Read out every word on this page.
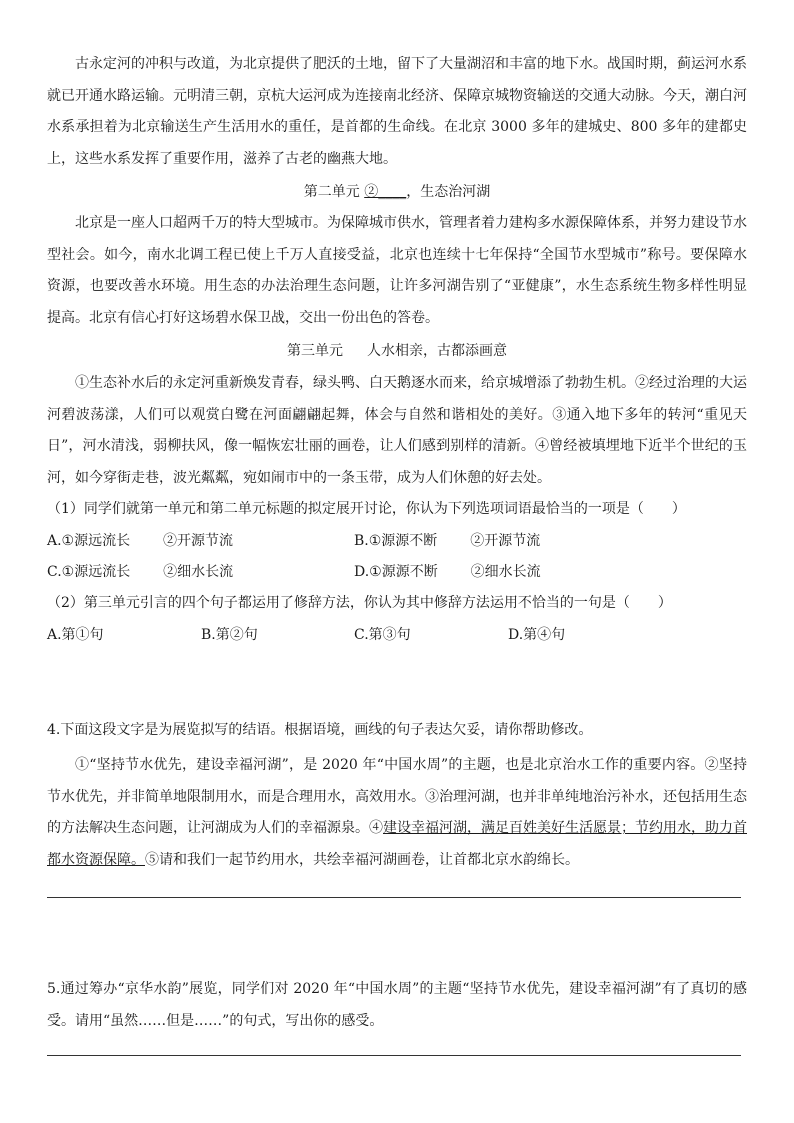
古永定河的冲积与改道，为北京提供了肥沃的土地，留下了大量湖沼和丰富的地下水。战国时期，蓟运河水系就已开通水路运输。元明清三朝，京杭大运河成为连接南北经济、保障京城物资输送的交通大动脉。今天，潮白河水系承担着为北京输送生产生活用水的重任，是首都的生命线。在北京 3000 多年的建城史、800 多年的建都史上，这些水系发挥了重要作用，滋养了古老的幽燕大地。

第二单元 ②____，生态治河湖

北京是一座人口超两千万的特大型城市。为保障城市供水，管理者着力建构多水源保障体系，并努力建设节水型社会。如今，南水北调工程已使上千万人直接受益，北京也连续十七年保持“全国节水型城市”称号。要保障水资源，也要改善水环境。用生态的办法治理生态问题，让许多河湖告别了“亚健康”，水生态系统生物多样性明显提高。北京有信心打好这场碧水保卫战，交出一份出色的答卷。

第三单元 人水相亲，古都添画意

①生态补水后的永定河重新焕发青春，绿头鸭、白天鹅逐水而来，给京城增添了勃勃生机。②经过治理的大运河碧波荡漾，人们可以观赏白鹭在河面翩翩起舞，体会与自然和谐相处的美好。③通入地下多年的转河“重见天日”，河水清浅，弱柳扶风，像一幅恢宏壮丽的画卷，让人们感到别样的清新。④曾经被填埋地下近半个世纪的玉河，如今穿街走巷，波光粼粼，宛如闹市中的一条玉带，成为人们休憩的好去处。

（1）同学们就第一单元和第二单元标题的拟定展开讨论，你认为下列选项词语最恰当的一项是（　　）

A.①源远流长 ②开源节流	B.①源源不断 ②开源节流
C.①源远流长 ②细水长流	D.①源源不断 ②细水长流

（2）第三单元引言的四个句子都运用了修辞方法，你认为其中修辞方法运用不恰当的一句是（　　）

A.第①句	B.第②句	C.第③句	D.第④句

4.下面这段文字是为展览拟写的结语。根据语境，画线的句子表达欠妥，请你帮助修改。

①“坚持节水优先，建设幸福河湖”，是 2020 年“中国水周”的主题，也是北京治水工作的重要内容。②坚持节水优先，并非简单地限制用水，而是合理用水，高效用水。③治理河湖，也并非单纯地治污补水，还包括用生态的方法解决生态问题，让河湖成为人们的幸福源泉。④建设幸福河湖，满足百姓美好生活愿景；节约用水，助力首都水资源保障。⑤请和我们一起节约用水，共绘幸福河湖画卷，让首都北京水韵绵长。

5.通过筹办“京华水韵”展览，同学们对 2020 年“中国水周”的主题“坚持节水优先，建设幸福河湖”有了真切的感受。请用“虽然……但是……”的句式，写出你的感受。
